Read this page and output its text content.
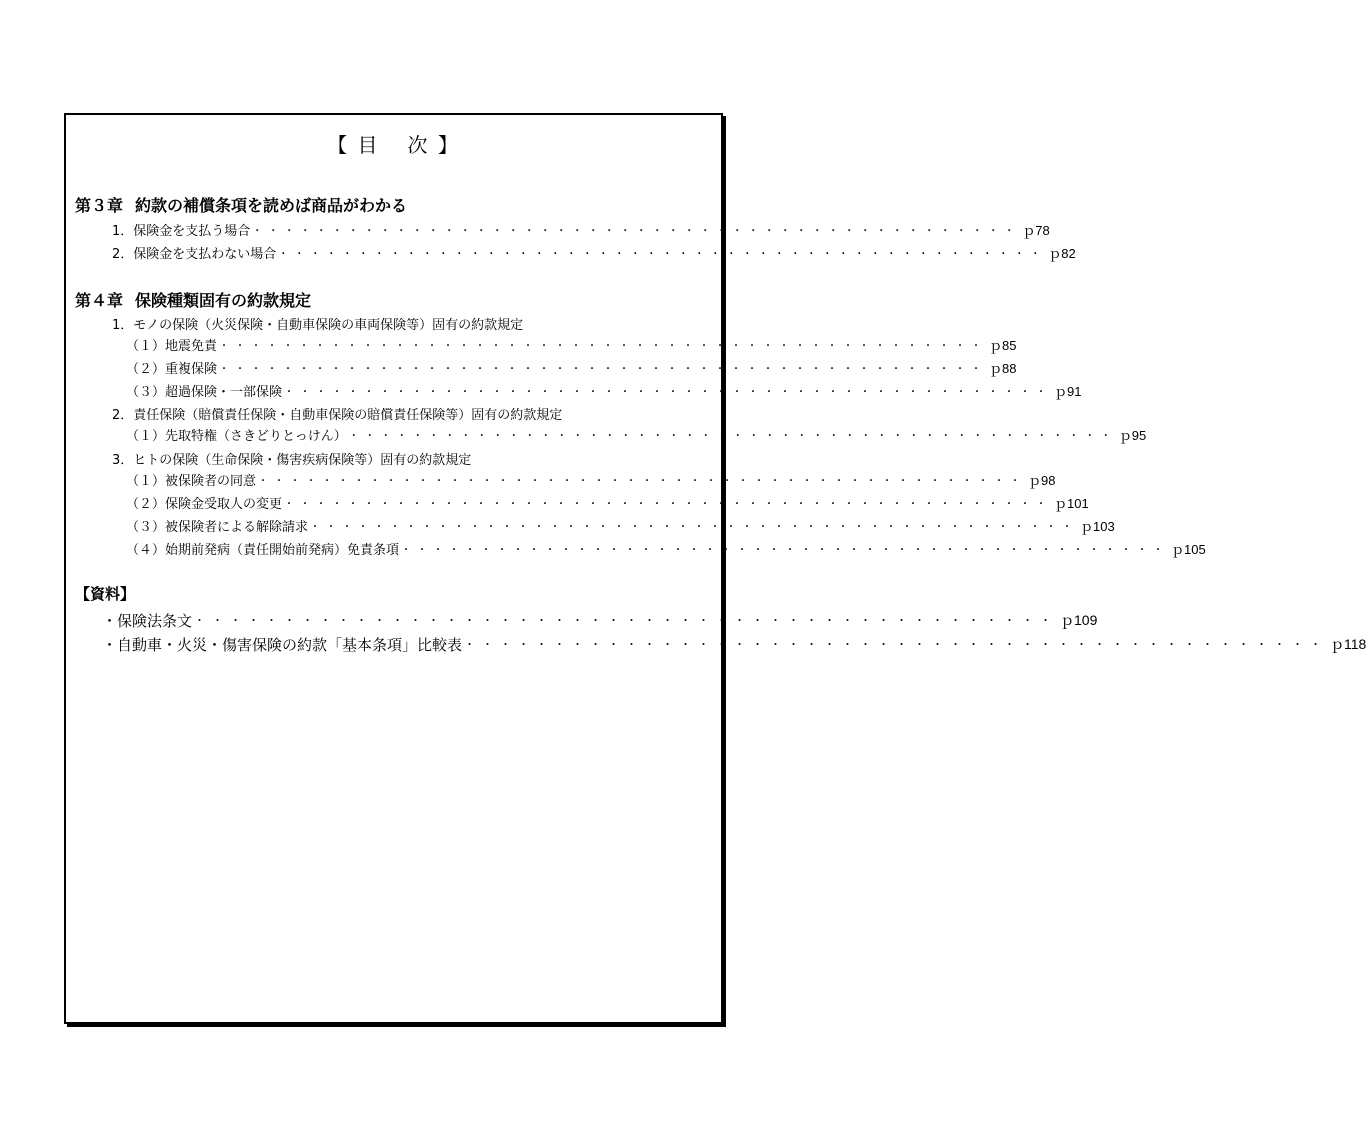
【 目 次 】
第３章 約款の補償条項を読めば商品がわかる
1．保険金を支払う場合 ・・・・・・・・・・・・・・・・・・・・・・・・・・・・・・・・・・・・・・・・・・・・・・・・ ｐ78
2．保険金を支払わない場合 ・・・・・・・・・・・・・・・・・・・・・・・・・・・・・・・・・・・・・・・・・・・・・・・・ ｐ82
第４章 保険種類固有の約款規定
1．モノの保険（火災保険・自動車保険の車両保険等）固有の約款規定
（１）地震免責 ・・・・・・・・・・・・・・・・・・・・・・・・・・・・・・・・・・・・・・・・・・・・・・・・ ｐ85
（２）重複保険 ・・・・・・・・・・・・・・・・・・・・・・・・・・・・・・・・・・・・・・・・・・・・・・・・ ｐ88
（３）超過保険・一部保険 ・・・・・・・・・・・・・・・・・・・・・・・・・・・・・・・・・・・・・・・・・・・・・・・・ ｐ91
2．責任保険（賠償責任保険・自動車保険の賠償責任保険等）固有の約款規定
（１）先取特権（さきどりとっけん） ・・・・・・・・・・・・・・・・・・・・・・・・・・・・・・・・・・・・・・・・・・・・・・・・ ｐ95
3．ヒトの保険（生命保険・傷害疾病保険等）固有の約款規定
（１）被保険者の同意 ・・・・・・・・・・・・・・・・・・・・・・・・・・・・・・・・・・・・・・・・・・・・・・・・ ｐ98
（２）保険金受取人の変更 ・・・・・・・・・・・・・・・・・・・・・・・・・・・・・・・・・・・・・・・・・・・・・・・・ ｐ101
（３）被保険者による解除請求 ・・・・・・・・・・・・・・・・・・・・・・・・・・・・・・・・・・・・・・・・・・・・・・・・ ｐ103
（４）始期前発病（責任開始前発病）免責条項 ・・・・・・・・・・・・・・・・・・・・・・・・・・・・・・・・・・・・・・・・・・・・・・・・ ｐ105
【資料】
・保険法条文 ・・・・・・・・・・・・・・・・・・・・・・・・・・・・・・・・・・・・・・・・・・・・・・・・ ｐ109
・自動車・火災・傷害保険の約款「基本条項」比較表 ・・・・・・・・・・・・・・・・・・・・・・・・・・・・・・・・・・・・・・・・・・・・・・・・ ｐ118
